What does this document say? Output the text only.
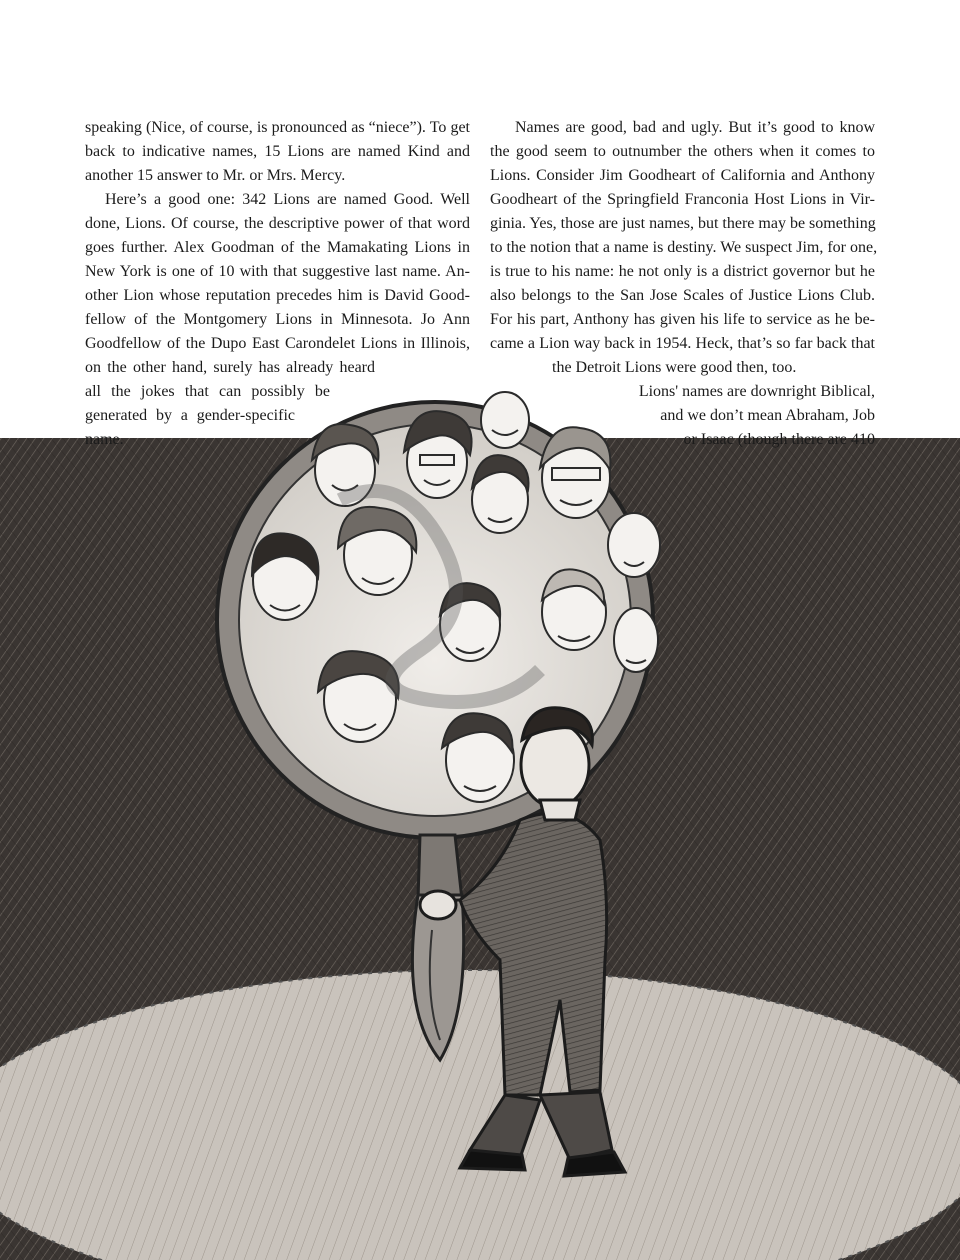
speaking (Nice, of course, is pronounced as “niece”). To get

back to indicative names, 15 Lions are named Kind and

another 15 answer to Mr. or Mrs. Mercy.

Here’s a good one: 342 Lions are named Good. Well

done, Lions. Of course, the descriptive power of that word

goes further. Alex Goodman of the Mamakating Lions in

New York is one of 10 with that suggestive last name. An-

other Lion whose reputation precedes him is David Good-

fellow of the Montgomery Lions in Minnesota. Jo Ann

Goodfellow of the Dupo East Carondelet Lions in Illinois,

on the other hand, surely has already heard

all the jokes that can possibly be

generated by a gender-specific

name.

Names are good, bad and ugly. But it’s good to know

the good seem to outnumber the others when it comes to

Lions. Consider Jim Goodheart of California and Anthony

Goodheart of the Springfield Franconia Host Lions in Vir-

ginia. Yes, those are just names, but there may be something

to the notion that a name is destiny. We suspect Jim, for one,

is true to his name: he not only is a district governor but he

also belongs to the San Jose Scales of Justice Lions Club.

For his part, Anthony has given his life to service as he be-

came a Lion way back in 1954. Heck, that’s so far back that

the Detroit Lions were good then, too.

Lions' names are downright Biblical,

and we don’t mean Abraham, Job

or Isaac (though there are 410
